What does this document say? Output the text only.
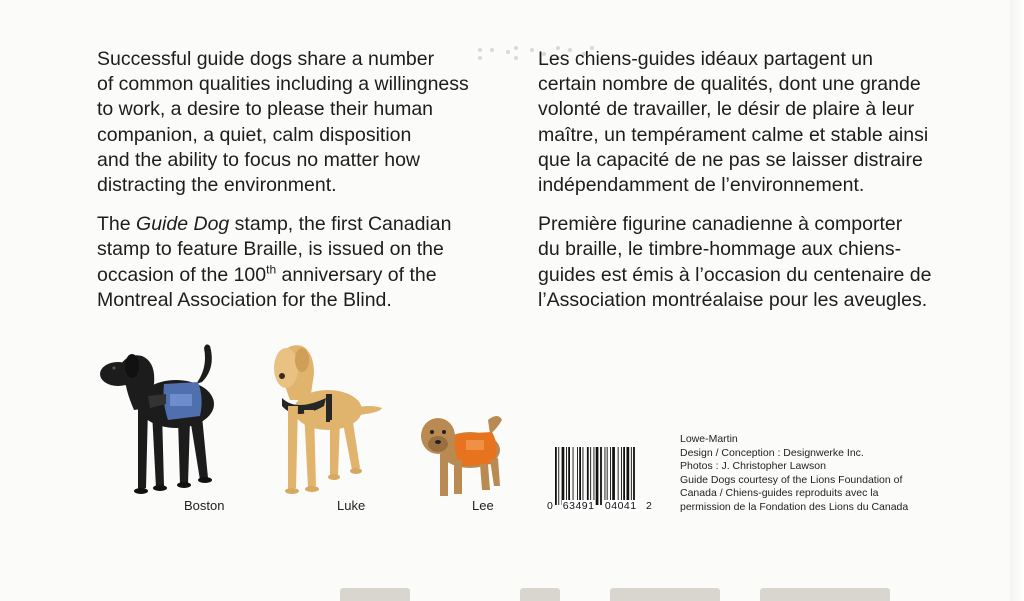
Successful guide dogs share a number
of common qualities including a willingness
to work, a desire to please their human
companion, a quiet, calm disposition
and the ability to focus no matter how
distracting the environment.

The Guide Dog stamp, the first Canadian
stamp to feature Braille, is issued on the
occasion of the 100th anniversary of the
Montreal Association for the Blind.

Les chiens-guides idéaux partagent un
certain nombre de qualités, dont une grande
volonté de travailler, le désir de plaire à leur
maître, un tempérament calme et stable ainsi
que la capacité de ne pas se laisser distraire
indépendamment de l’environnement.

Première figurine canadienne à comporter
du braille, le timbre-hommage aux chiens-
guides est émis à l’occasion du centenaire de
l’Association montréalaise pour les aveugles.

Boston	Luke	Lee	0 63491 04041 2
Lowe-Martin
Design / Conception : Designwerke Inc.
Photos : J. Christopher Lawson
Guide Dogs courtesy of the Lions Foundation of
Canada / Chiens-guides reproduits avec la
permission de la Fondation des Lions du Canada
